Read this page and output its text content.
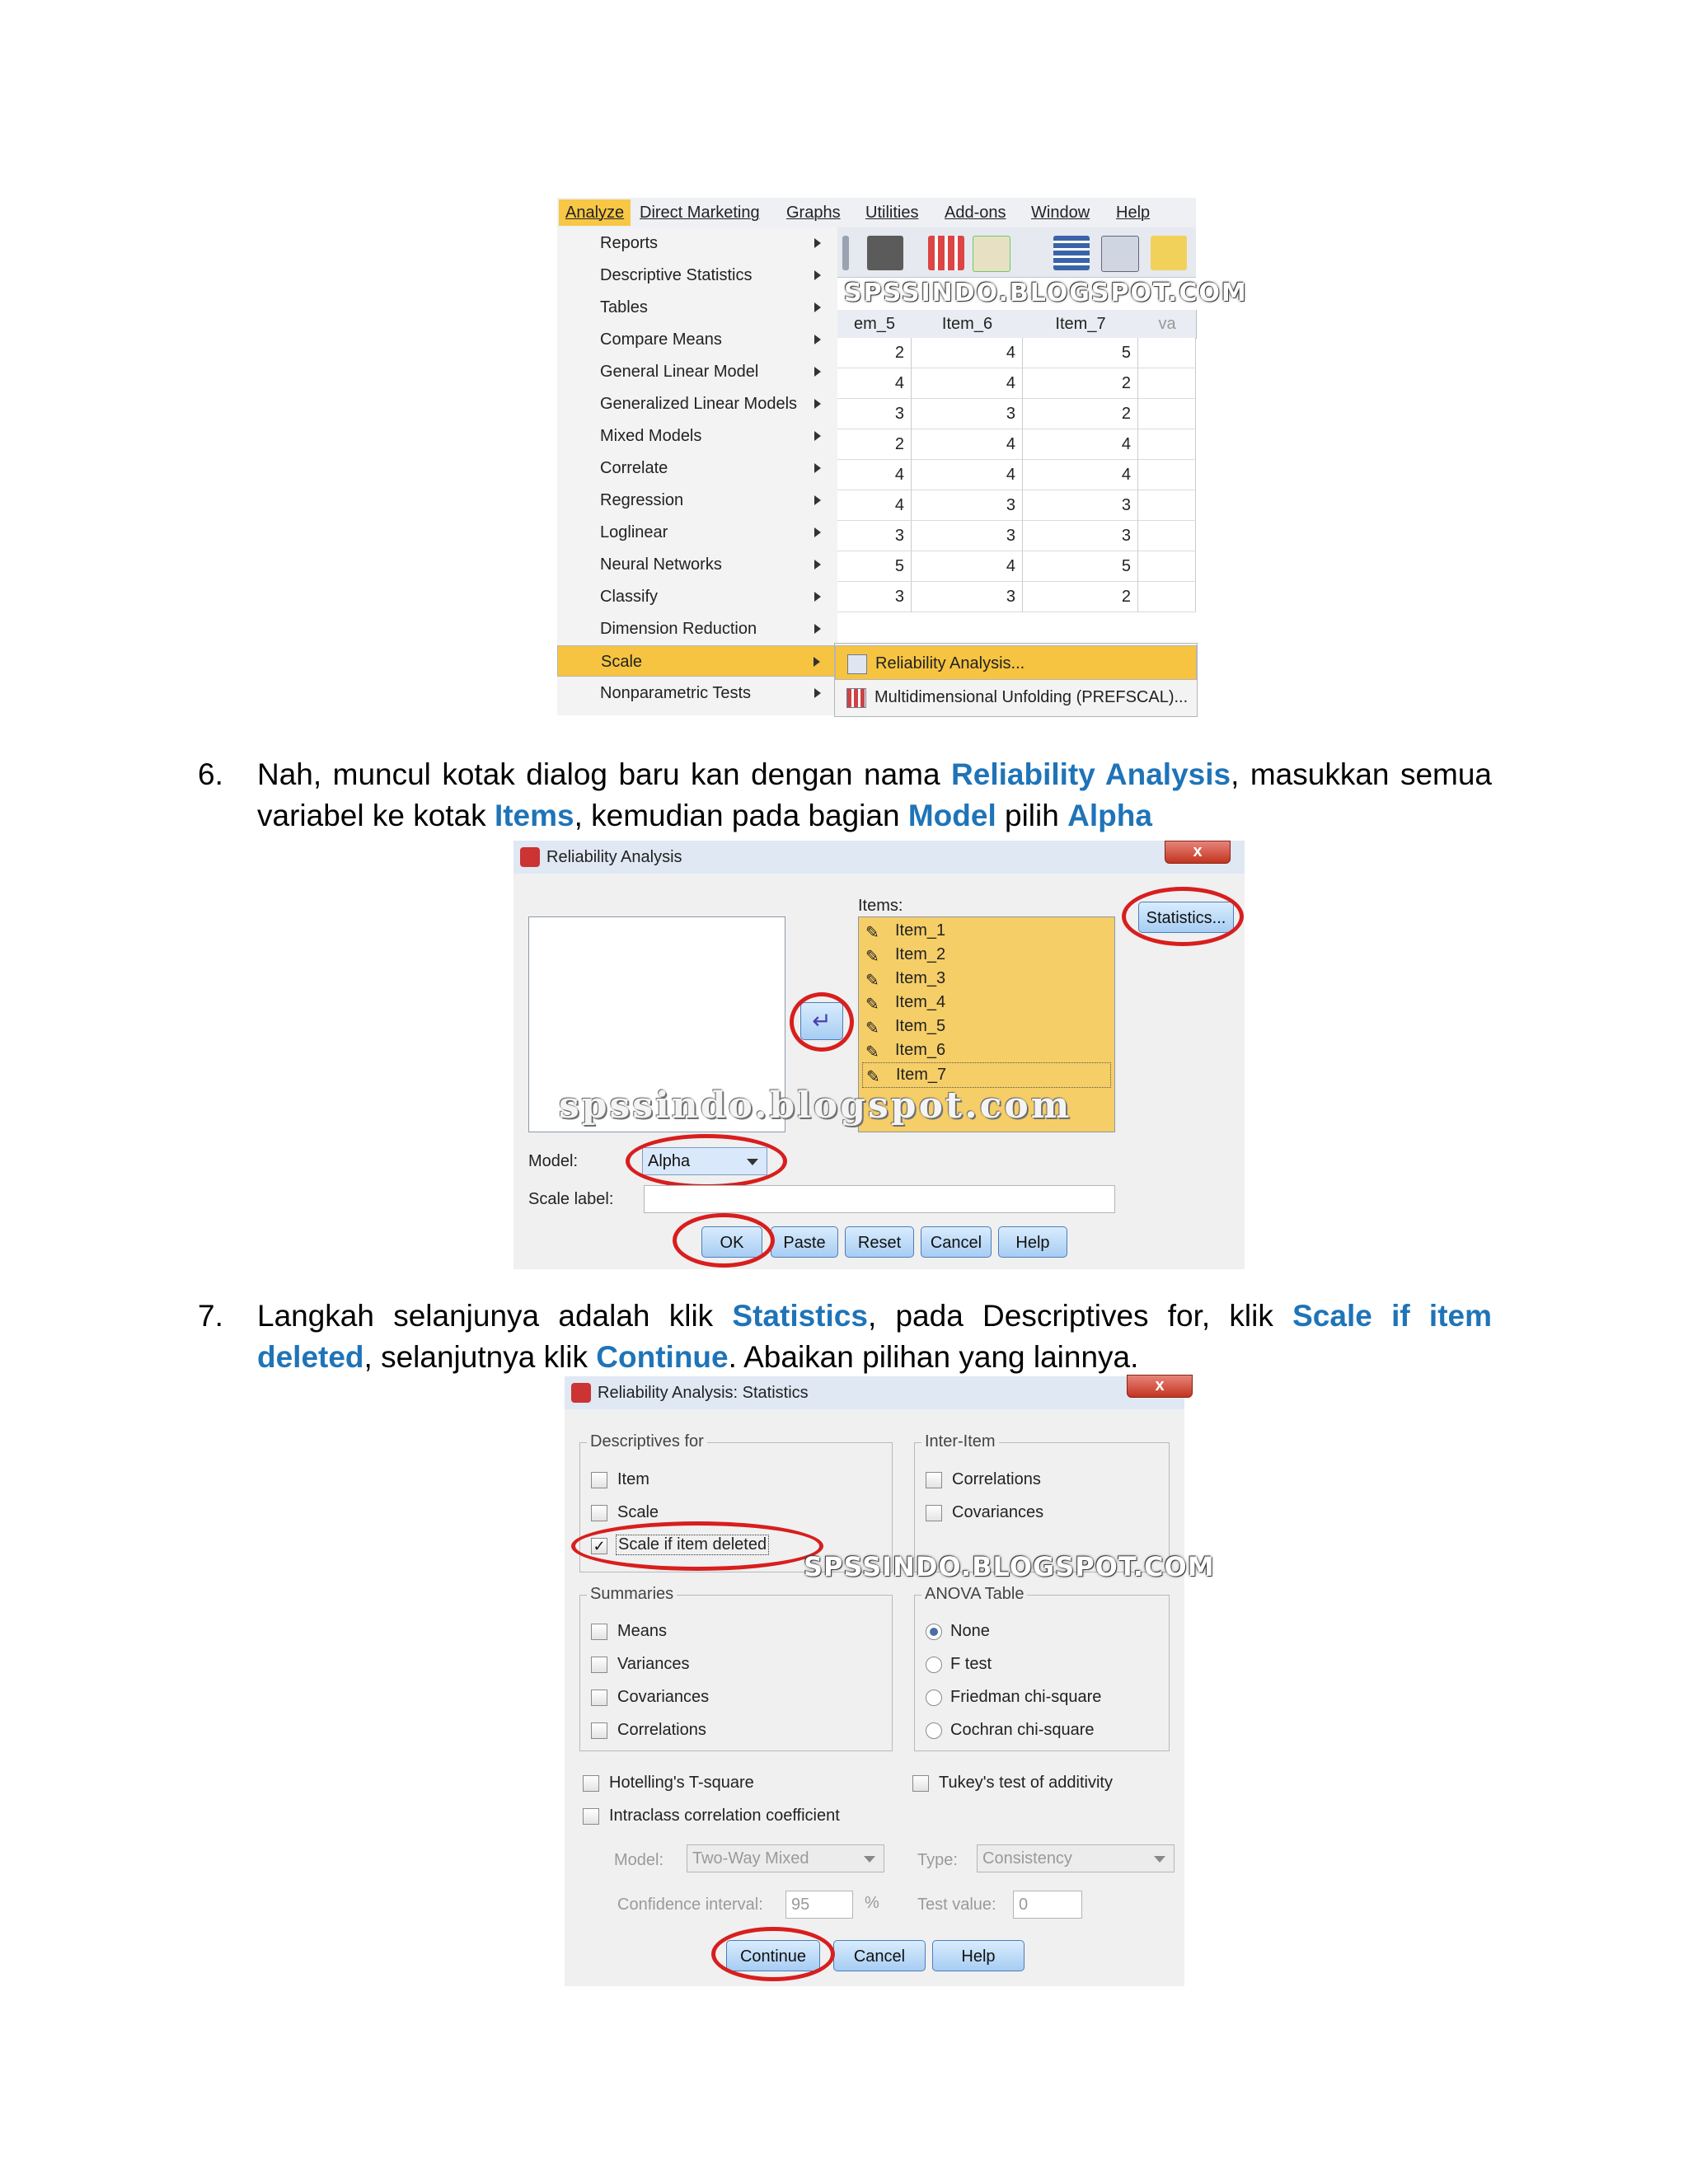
Analyze Direct Marketing Graphs Utilities Add-ons Window Help
Reports
Descriptive Statistics
Tables
Compare Means
General Linear Model
Generalized Linear Models
Mixed Models
Correlate
Regression
Loglinear
Neural Networks
Classify
Dimension Reduction
Scale
Nonparametric Tests
SPSSINDO.BLOGSPOT.COM
em_5	Item_6	Item_7	va
2	4	5
4	4	2
3	3	2
2	4	4
4	4	4
4	3	3
3	3	3
5	4	5
3	3	2
Reliability Analysis...
Multidimensional Unfolding (PREFSCAL)...
6. Nah, muncul kotak dialog baru kan dengan nama Reliability Analysis, masukkan semua variabel ke kotak Items, kemudian pada bagian Model pilih Alpha
Reliability Analysis	x
↵
Items:
✎ Item_1
✎ Item_2
✎ Item_3
✎ Item_4
✎ Item_5
✎ Item_6
✎ Item_7
Statistics...
spssindo.blogspot.com
Model:	Alpha
Scale label:
OK	Paste	Reset	Cancel	Help
7. Langkah selanjunya adalah klik Statistics, pada Descriptives for, klik Scale if item deleted, selanjutnya klik Continue. Abaikan pilihan yang lainnya.
Reliability Analysis: Statistics	x
Descriptives for
Item
Scale
✓ Scale if item deleted
Inter-Item
Correlations
Covariances
SPSSINDO.BLOGSPOT.COM
Summaries
Means
Variances
Covariances
Correlations
ANOVA Table
None
F test
Friedman chi-square
Cochran chi-square
Hotelling's T-square	Tukey's test of additivity
Intraclass correlation coefficient
Model:	Two-Way Mixed	Type:	Consistency
Confidence interval:	95	% Test value:	0
Continue	Cancel	Help
